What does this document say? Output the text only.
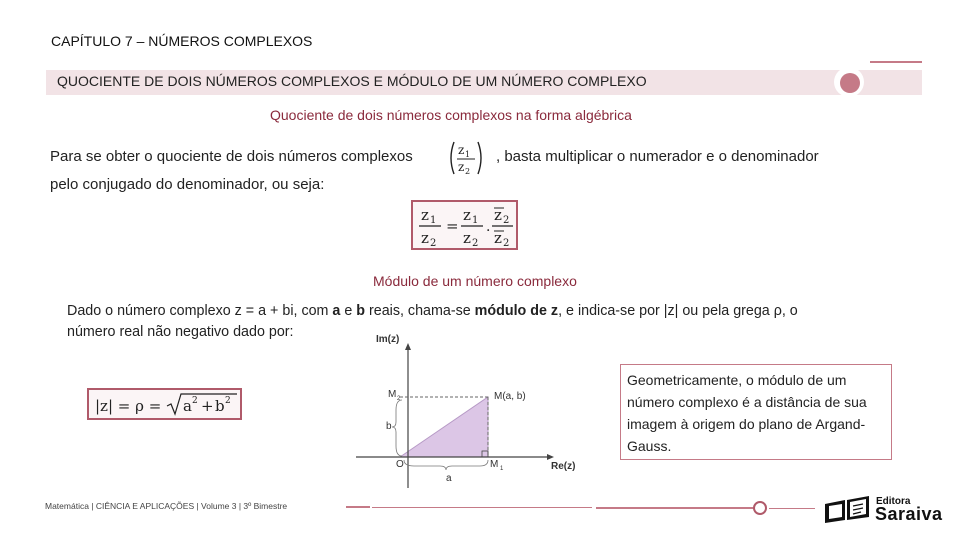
CAPÍTULO 7 – NÚMEROS COMPLEXOS
QUOCIENTE DE DOIS NÚMEROS COMPLEXOS E MÓDULO DE UM NÚMERO COMPLEXO
Quociente de dois números complexos na forma algébrica
Para se obter o quociente de dois números complexos	z 1
z 2
, basta multiplicar o numerador e o denominador
pelo conjugado do denominador, ou seja:
z 1
z 2
=
z 1
z 2
·
z 2
z 2
Módulo de um número complexo
Dado o número complexo z = a + bi, com a e b reais, chama-se módulo de z, e indica-se por |z| ou pela grega ρ, o
número real não negativo dado por:
|z| = ρ = a 2 + b 2
Im(z)
Re(z)
O
M(a, b)
M 2
M 1
b
a
Geometricamente, o módulo de um número complexo é a distância de sua imagem à origem do plano de Argand-Gauss.
Matemática | CIÊNCIA E APLICAÇÕES | Volume 3 | 3º Bimestre	Editora
Saraiva
